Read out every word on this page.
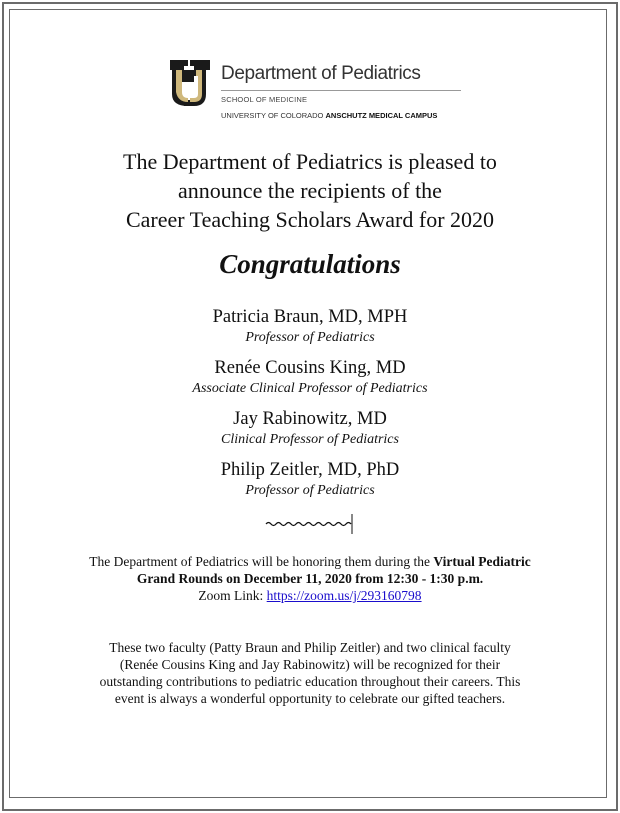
Department of Pediatrics
SCHOOL OF MEDICINE
UNIVERSITY OF COLORADO ANSCHUTZ MEDICAL CAMPUS
The Department of Pediatrics is pleased to
announce the recipients of the
Career Teaching Scholars Award for 2020
Congratulations
Patricia Braun, MD, MPH
Professor of Pediatrics
Renée Cousins King, MD
Associate Clinical Professor of Pediatrics
Jay Rabinowitz, MD
Clinical Professor of Pediatrics
Philip Zeitler, MD, PhD
Professor of Pediatrics
The Department of Pediatrics will be honoring them during the Virtual Pediatric
Grand Rounds on December 11, 2020 from 12:30 - 1:30 p.m.
Zoom Link: https://zoom.us/j/293160798
These two faculty (Patty Braun and Philip Zeitler) and two clinical faculty
(Renée Cousins King and Jay Rabinowitz) will be recognized for their
outstanding contributions to pediatric education throughout their careers. This
event is always a wonderful opportunity to celebrate our gifted teachers.
